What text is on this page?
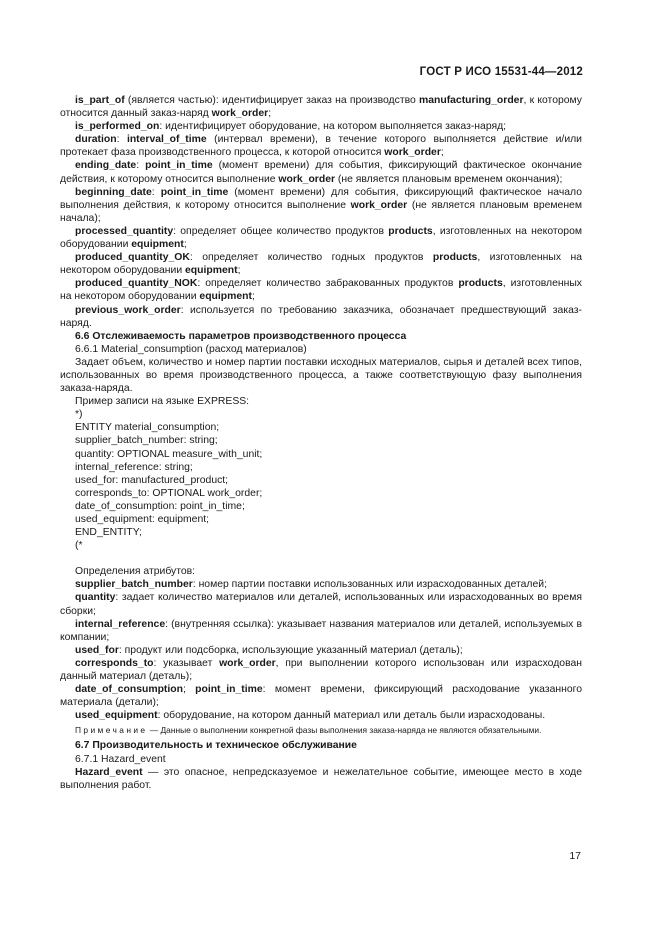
ГОСТ Р ИСО 15531-44—2012

is_part_of (является частью): идентифицирует заказ на производство manufacturing_order, к которому относится данный заказ-наряд work_order;

is_performed_on: идентифицирует оборудование, на котором выполняется заказ-наряд;

duration: interval_of_time (интервал времени), в течение которого выполняется действие и/или протекает фаза производственного процесса, к которой относится work_order;

ending_date: point_in_time (момент времени) для события, фиксирующий фактическое окончание действия, к которому относится выполнение work_order (не является плановым временем окончания);

beginning_date: point_in_time (момент времени) для события, фиксирующий фактическое начало выполнения действия, к которому относится выполнение work_order (не является плановым временем начала);

processed_quantity: определяет общее количество продуктов products, изготовленных на некотором оборудовании equipment;

produced_quantity_OK: определяет количество годных продуктов products, изготовленных на некотором оборудовании equipment;

produced_quantity_NOK: определяет количество забракованных продуктов products, изготовленных на некотором оборудовании equipment;

previous_work_order: используется по требованию заказчика, обозначает предшествующий заказ-наряд.

6.6 Отслеживаемость параметров производственного процесса

6.6.1 Material_consumption (расход материалов)

Задает объем, количество и номер партии поставки исходных материалов, сырья и деталей всех типов, использованных во время производственного процесса, а также соответствующую фазу выполнения заказа-наряда.

Пример записи на языке EXPRESS:

*)

ENTITY material_consumption;

supplier_batch_number: string;

quantity: OPTIONAL measure_with_unit;

internal_reference: string;

used_for: manufactured_product;

corresponds_to: OPTIONAL work_order;

date_of_consumption: point_in_time;

used_equipment: equipment;

END_ENTITY;

(*

Определения атрибутов:

supplier_batch_number: номер партии поставки использованных или израсходованных деталей;

quantity: задает количество материалов или деталей, использованных или израсходованных во время сборки;

internal_reference: (внутренняя ссылка): указывает названия материалов или деталей, используемых в компании;

used_for: продукт или подсборка, использующие указанный материал (деталь);

corresponds_to: указывает work_order, при выполнении которого использован или израсходован данный материал (деталь);

date_of_consumption; point_in_time: момент времени, фиксирующий расходование указанного материала (детали);

used_equipment: оборудование, на котором данный материал или деталь были израсходованы.

Примечание — Данные о выполнении конкретной фазы выполнения заказа-наряда не являются обязательными.

6.7 Производительность и техническое обслуживание

6.7.1 Hazard_event

Hazard_event — это опасное, непредсказуемое и нежелательное событие, имеющее место в ходе выполнения работ.

17
